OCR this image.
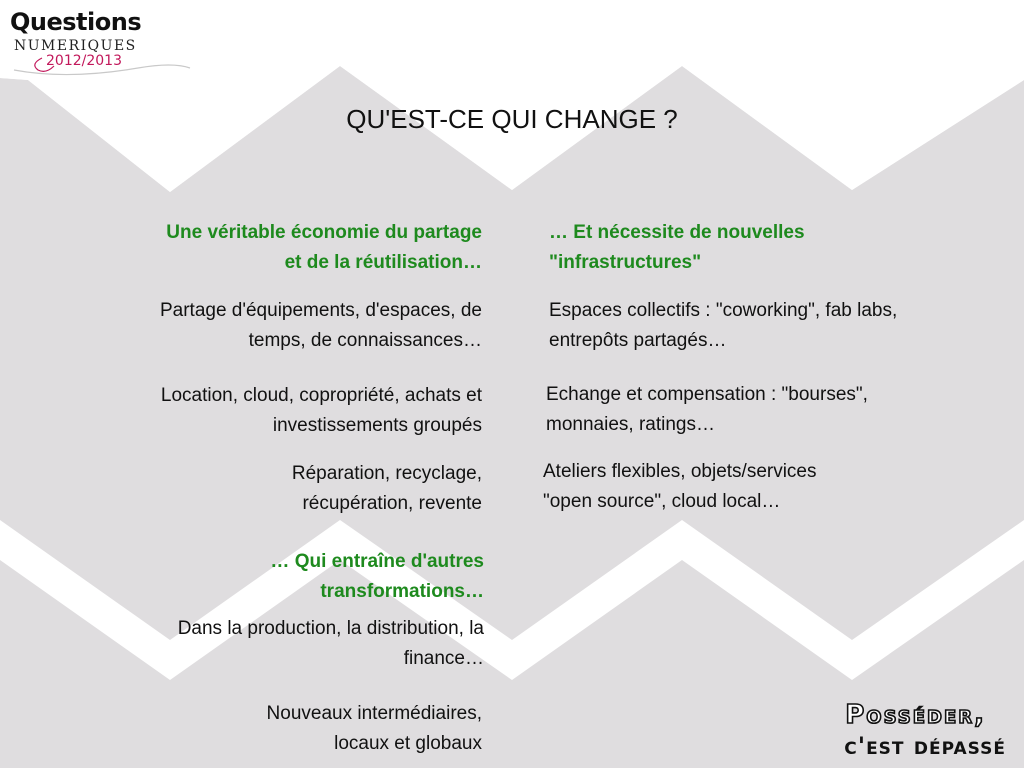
Questions
NUMERIQUES
2012/2013
QU'EST-CE QUI CHANGE ?
Une véritable économie du partage
et de la réutilisation…
Partage d'équipements, d'espaces, de
temps, de connaissances…
Location, cloud, copropriété, achats et
investissements groupés
Réparation, recyclage,
récupération, revente
… Qui entraîne d'autres
transformations…
Dans la production, la distribution, la
finance…
Nouveaux intermédiaires,
locaux et globaux
… Et nécessite de nouvelles
"infrastructures"
Espaces collectifs : "coworking", fab labs,
entrepôts partagés…
Echange et compensation : "bourses",
monnaies, ratings…
Ateliers flexibles, objets/services
"open source", cloud local…
Posséder,
c'est dépassé
